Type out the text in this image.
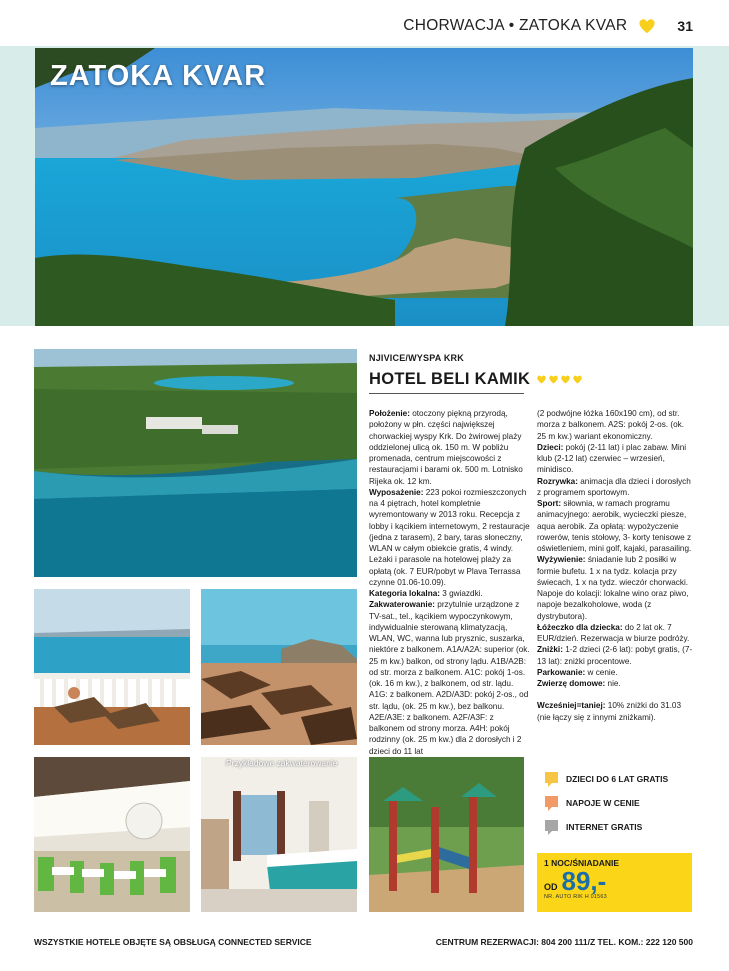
CHORWACJA • ZATOKA KVAR	31
ZATOKA KVAR
Przykładowe zakwaterowanie
NJIVICE/WYSPA KRK
HOTEL BELI KAMIK

Położenie: otoczony piękną przyrodą, położony w płn. części największej chorwackiej wyspy Krk. Do żwirowej plaży oddzielonej ulicą ok. 150 m. W pobliżu promenada, centrum miejscowości z restauracjami i barami ok. 500 m. Lotnisko Rijeka ok. 12 km.

Wyposażenie: 223 pokoi rozmieszczonych na 4 piętrach, hotel kompletnie wyremontowany w 2013 roku. Recepcja z lobby i kącikiem internetowym, 2 restauracje (jedna z tarasem), 2 bary, taras słoneczny, WLAN w całym obiekcie gratis, 4 windy. Leżaki i parasole na hotelowej plaży za opłatą (ok. 7 EUR/pobyt w Plava Terrassa czynne 01.06-10.09).

Kategoria lokalna: 3 gwiazdki.

Zakwaterowanie: przytulnie urządzone z TV-sat., tel., kącikiem wypoczynkowym, indywidualnie sterowaną klimatyzacją, WLAN, WC, wanna lub prysznic, suszarka, niektóre z balkonem. A1A/A2A: superior (ok. 25 m kw.) balkon, od strony lądu. A1B/A2B: od str. morza z balkonem. A1C: pokój 1-os. (ok. 16 m kw.), z balkonem, od str. lądu. A1G: z balkonem. A2D/A3D: pokój 2-os., od str. lądu, (ok. 25 m kw.), bez balkonu. A2E/A3E: z balkonem. A2F/A3F: z balkonem od strony morza. A4H: pokój rodzinny (ok. 25 m kw.) dla 2 dorosłych i 2 dzieci do 11 lat

(2 podwójne łóżka 160x190 cm), od str. morza z balkonem. A2S: pokój 2-os. (ok. 25 m kw.) wariant ekonomiczny.

Dzieci: pokój (2-11 lat) i plac zabaw. Mini klub (2-12 lat) czerwiec – wrzesień, minidisco.

Rozrywka: animacja dla dzieci i dorosłych z programem sportowym.

Sport: siłownia, w ramach programu animacyjnego: aerobik, wycieczki piesze, aqua aerobik. Za opłatą: wypożyczenie rowerów, tenis stołowy, 3- korty tenisowe z oświetleniem, mini golf, kajaki, parasailing.

Wyżywienie: śniadanie lub 2 posiłki w formie bufetu. 1 x na tydz. kolacja przy świecach, 1 x na tydz. wieczór chorwacki. Napoje do kolacji: lokalne wino oraz piwo, napoje bezalkoholowe, woda (z dystrybutora).

Łóżeczko dla dziecka: do 2 lat ok. 7 EUR/dzień. Rezerwacja w biurze podróży.

Zniżki: 1-2 dzieci (2-6 lat): pobyt gratis, (7-13 lat): zniżki procentowe.

Parkowanie: w cenie.

Zwierzę domowe: nie.

Wcześniej=taniej: 10% zniżki do 31.03 (nie łączy się z innymi zniżkami).

DZIECI DO 6 LAT GRATIS
NAPOJE W CENIE
INTERNET GRATIS
1 NOC/ŚNIADANIE
OD 89,-
NR. AUTO RIK H 01563
WSZYSTKIE HOTELE OBJĘTE SĄ OBSŁUGĄ CONNECTED SERVICE	CENTRUM REZERWACJI: 804 200 111/Z TEL. KOM.: 222 120 500
